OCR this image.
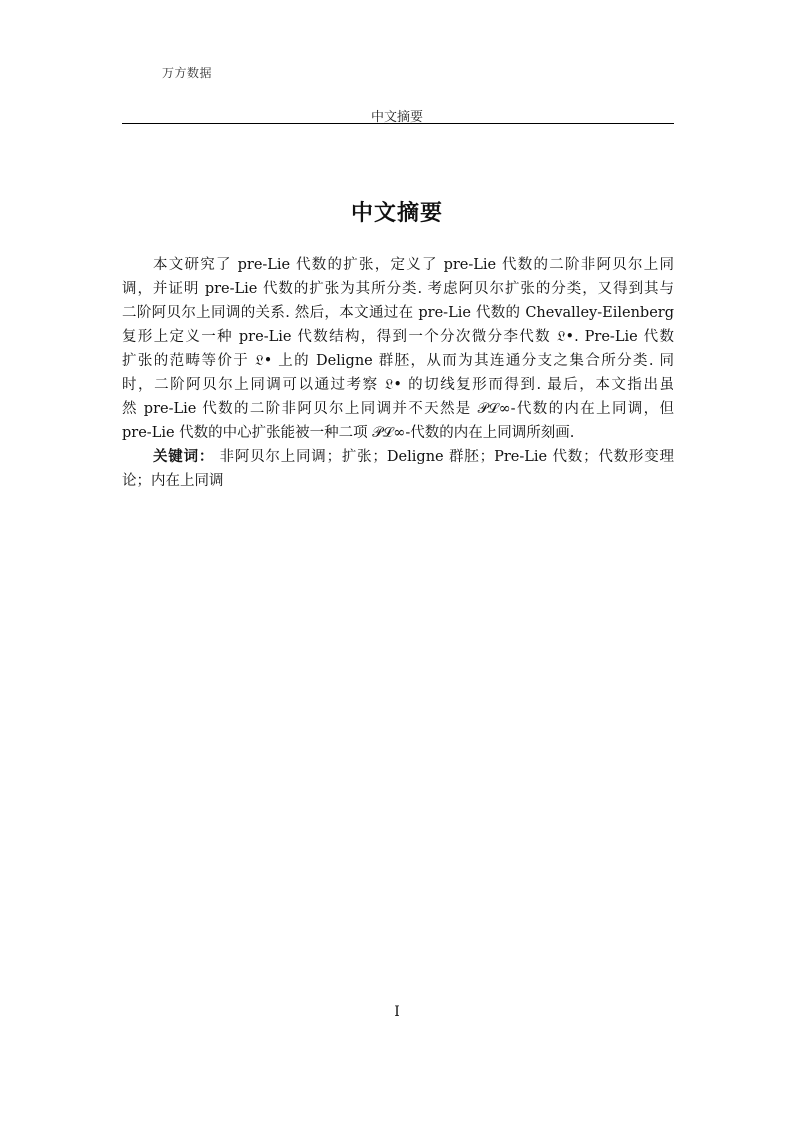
万方数据
中文摘要
中文摘要
本文研究了 pre-Lie 代数的扩张，定义了 pre-Lie 代数的二阶非阿贝尔上同
调，并证明 pre-Lie 代数的扩张为其所分类. 考虑阿贝尔扩张的分类，又得到其与
二阶阿贝尔上同调的关系. 然后，本文通过在 pre-Lie 代数的 Chevalley-Eilenberg
复形上定义一种 pre-Lie 代数结构，得到一个分次微分李代数 𝔏•. Pre-Lie 代数
扩张的范畴等价于 𝔏• 上的 Deligne 群胚，从而为其连通分支之集合所分类. 同
时，二阶阿贝尔上同调可以通过考察 𝔏• 的切线复形而得到. 最后，本文指出虽
然 pre-Lie 代数的二阶非阿贝尔上同调并不天然是 𝒫ℒ∞-代数的内在上同调，但
pre-Lie 代数的中心扩张能被一种二项 𝒫ℒ∞-代数的内在上同调所刻画.
关键词： 非阿贝尔上同调；扩张；Deligne 群胚；Pre-Lie 代数；代数形变理
论；内在上同调
I
